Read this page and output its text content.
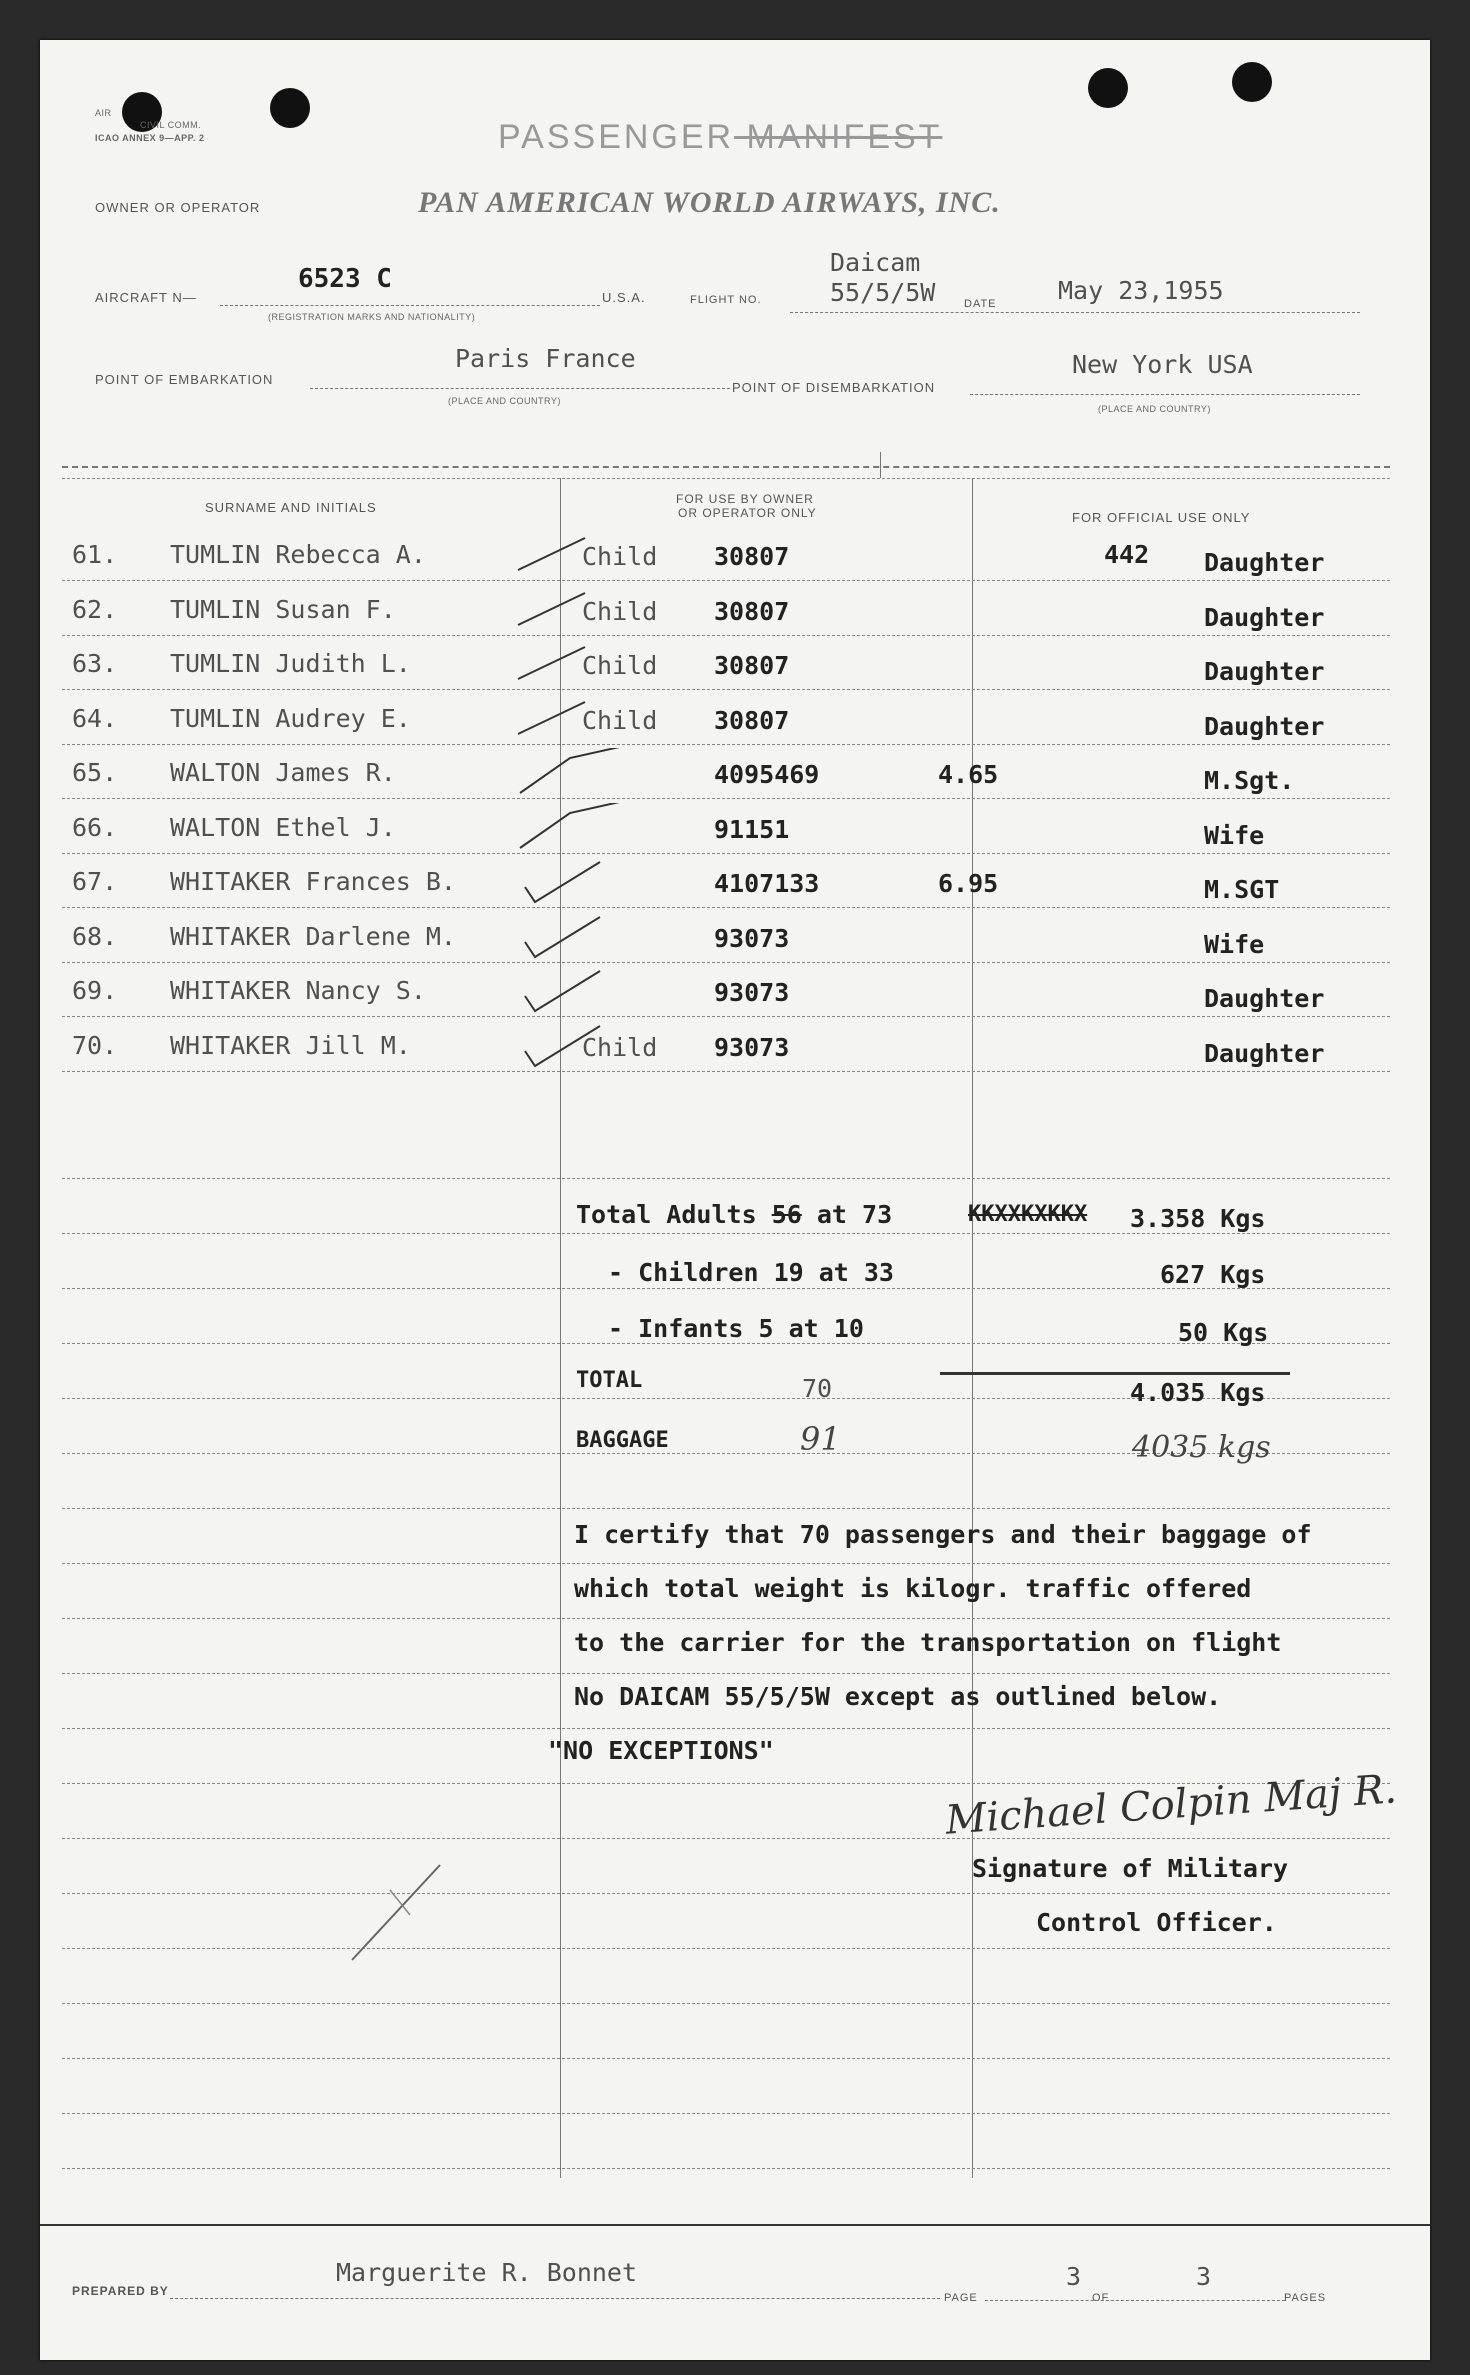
AIR
CIVIL COMM.
ICAO ANNEX 9—APP. 2	PASSENGER MANIFEST
OWNER OR OPERATOR	PAN AMERICAN WORLD AIRWAYS, INC.
AIRCRAFT N—
6523 C
(REGISTRATION MARKS AND NATIONALITY)
U.S.A.	FLIGHT NO.
Daicam
55/5/5W	DATE May 23,1955
POINT OF EMBARKATION
Paris France
(PLACE AND COUNTRY)
POINT OF DISEMBARKATION
New York USA
(PLACE AND COUNTRY)
SURNAME AND INITIALS
FOR USE BY OWNER
OR OPERATOR ONLY	FOR OFFICIAL USE ONLY
61. TUMLIN Rebecca A.	Child 30807	442 Daughter
62. TUMLIN Susan F.	Child 30807	Daughter
63. TUMLIN Judith L.	Child 30807	Daughter
64. TUMLIN Audrey E.	Child 30807	Daughter
65. WALTON James R.	4095469	4.65	M.Sgt.
66. WALTON Ethel J.	91151	Wife
67. WHITAKER Frances B.	4107133	6.95	M.SGT
68. WHITAKER Darlene M.	93073	Wife
69. WHITAKER Nancy S.	93073	Daughter
70. WHITAKER Jill M.	Child 93073	Daughter
Total Adults 56 at 73	KKXXKXKKX 3.358 Kgs
- Children 19 at 33	627 Kgs
- Infants 5 at 10	50 Kgs
TOTAL	70	4.035 Kgs
BAGGAGE	91	4035 kgs
I certify that 70 passengers and their baggage of
which total weight is kilogr. traffic offered
to the carrier for the transportation on flight
No DAICAM 55/5/5W except as outlined below.
"NO EXCEPTIONS"
Michael Colpin Maj R.
Signature of Military
Control Officer.
PREPARED BY
Marguerite R. Bonnet
PAGE
3
OF
3
PAGES
